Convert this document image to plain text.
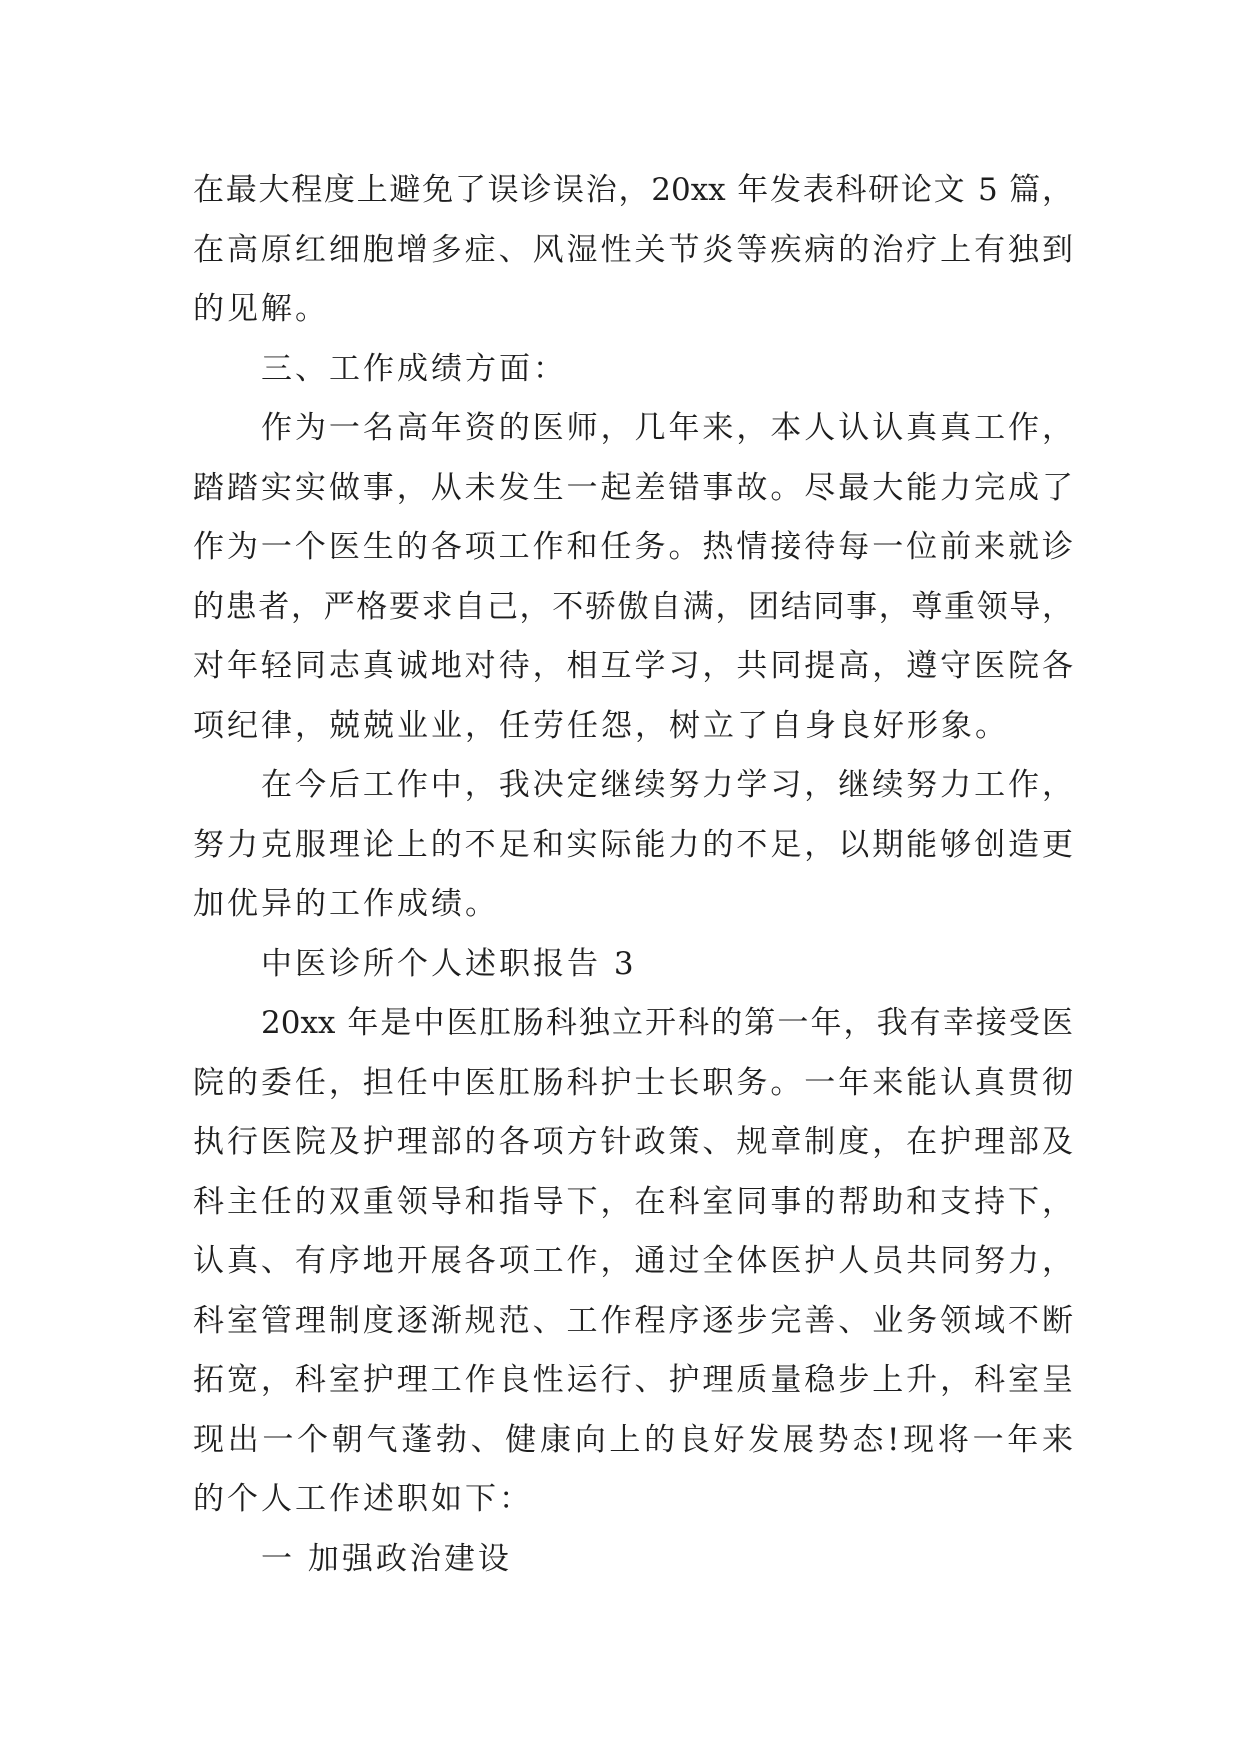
在最大程度上避免了误诊误治，20xx 年发表科研论文 5 篇，
在高原红细胞增多症、风湿性关节炎等疾病的治疗上有独到
的见解。
三、工作成绩方面：
作为一名高年资的医师，几年来，本人认认真真工作，
踏踏实实做事，从未发生一起差错事故。尽最大能力完成了
作为一个医生的各项工作和任务。热情接待每一位前来就诊
的患者，严格要求自己，不骄傲自满，团结同事，尊重领导，
对年轻同志真诚地对待，相互学习，共同提高，遵守医院各
项纪律，兢兢业业，任劳任怨，树立了自身良好形象。
在今后工作中，我决定继续努力学习，继续努力工作，
努力克服理论上的不足和实际能力的不足，以期能够创造更
加优异的工作成绩。
中医诊所个人述职报告 3
20xx 年是中医肛肠科独立开科的第一年，我有幸接受医
院的委任，担任中医肛肠科护士长职务。一年来能认真贯彻
执行医院及护理部的各项方针政策、规章制度，在护理部及
科主任的双重领导和指导下，在科室同事的帮助和支持下，
认真、有序地开展各项工作，通过全体医护人员共同努力，
科室管理制度逐渐规范、工作程序逐步完善、业务领域不断
拓宽，科室护理工作良性运行、护理质量稳步上升，科室呈
现出一个朝气蓬勃、健康向上的良好发展势态!现将一年来
的个人工作述职如下：
一 加强政治建设
